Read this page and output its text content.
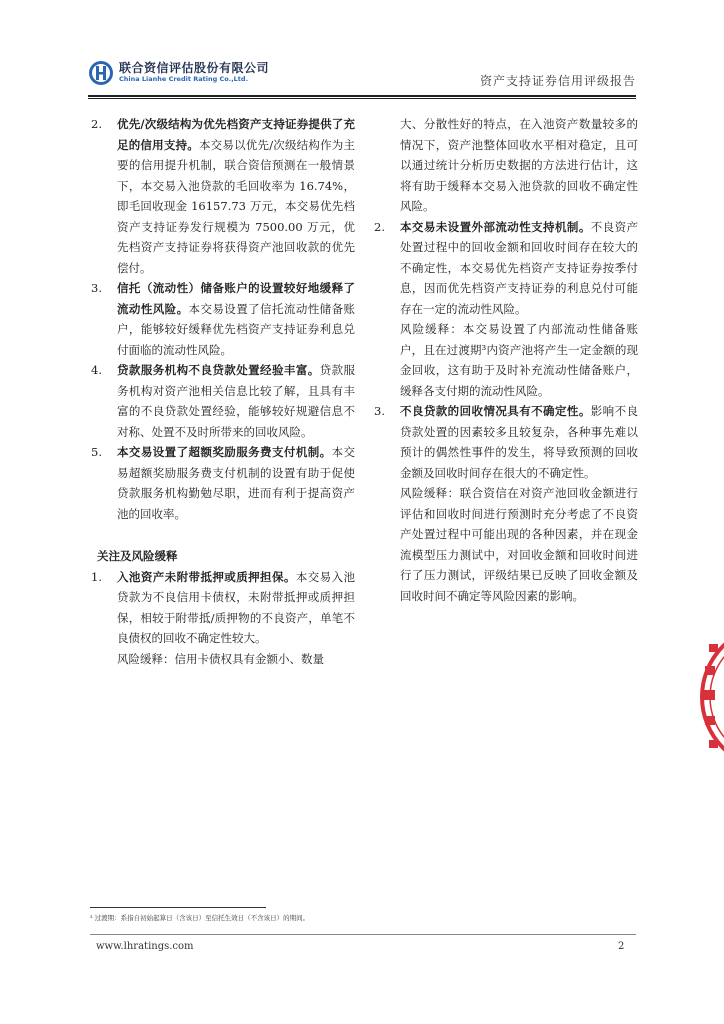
联合资信评估股份有限公司
China Lianhe Credit Rating Co.,Ltd.	资产支持证券信用评级报告
2.	优先/次级结构为优先档资产支持证券提供了充足的信用支持。本交易以优先/次级结构作为主要的信用提升机制，联合资信预测在一般情景下，本交易入池贷款的毛回收率为 16.74%，即毛回收现金 16157.73 万元，本交易优先档资产支持证券发行规模为 7500.00 万元，优先档资产支持证券将获得资产池回收款的优先偿付。

3.	信托（流动性）储备账户的设置较好地缓释了流动性风险。本交易设置了信托流动性储备账户，能够较好缓释优先档资产支持证券利息兑付面临的流动性风险。

4.	贷款服务机构不良贷款处置经验丰富。贷款服务机构对资产池相关信息比较了解，且具有丰富的不良贷款处置经验，能够较好规避信息不对称、处置不及时所带来的回收风险。

5.	本交易设置了超额奖励服务费支付机制。本交易超额奖励服务费支付机制的设置有助于促使贷款服务机构勤勉尽职，进而有利于提高资产池的回收率。

关注及风险缓释
1.	入池资产未附带抵押或质押担保。本交易入池贷款为不良信用卡债权，未附带抵押或质押担保，相较于附带抵/质押物的不良资产，单笔不良债权的回收不确定性较大。

风险缓释：信用卡债权具有金额小、数量

大、分散性好的特点，在入池资产数量较多的情况下，资产池整体回收水平相对稳定，且可以通过统计分析历史数据的方法进行估计，这将有助于缓释本交易入池贷款的回收不确定性风险。

2.	本交易未设置外部流动性支持机制。不良资产处置过程中的回收金额和回收时间存在较大的不确定性，本交易优先档资产支持证券按季付息，因而优先档资产支持证券的利息兑付可能存在一定的流动性风险。

风险缓释：本交易设置了内部流动性储备账户，且在过渡期³内资产池将产生一定金额的现金回收，这有助于及时补充流动性储备账户，缓释各支付期的流动性风险。

3.	不良贷款的回收情况具有不确定性。影响不良贷款处置的因素较多且较复杂，各种事先难以预计的偶然性事件的发生，将导致预测的回收金额及回收时间存在很大的不确定性。

风险缓释：联合资信在对资产池回收金额进行评估和回收时间进行预测时充分考虑了不良资产处置过程中可能出现的各种因素，并在现金流模型压力测试中，对回收金额和回收时间进行了压力测试，评级结果已反映了回收金额及回收时间不确定等风险因素的影响。

³ 过渡期：系指自初始起算日（含该日）至信托生效日（不含该日）的期间。
www.lhratings.com	2
